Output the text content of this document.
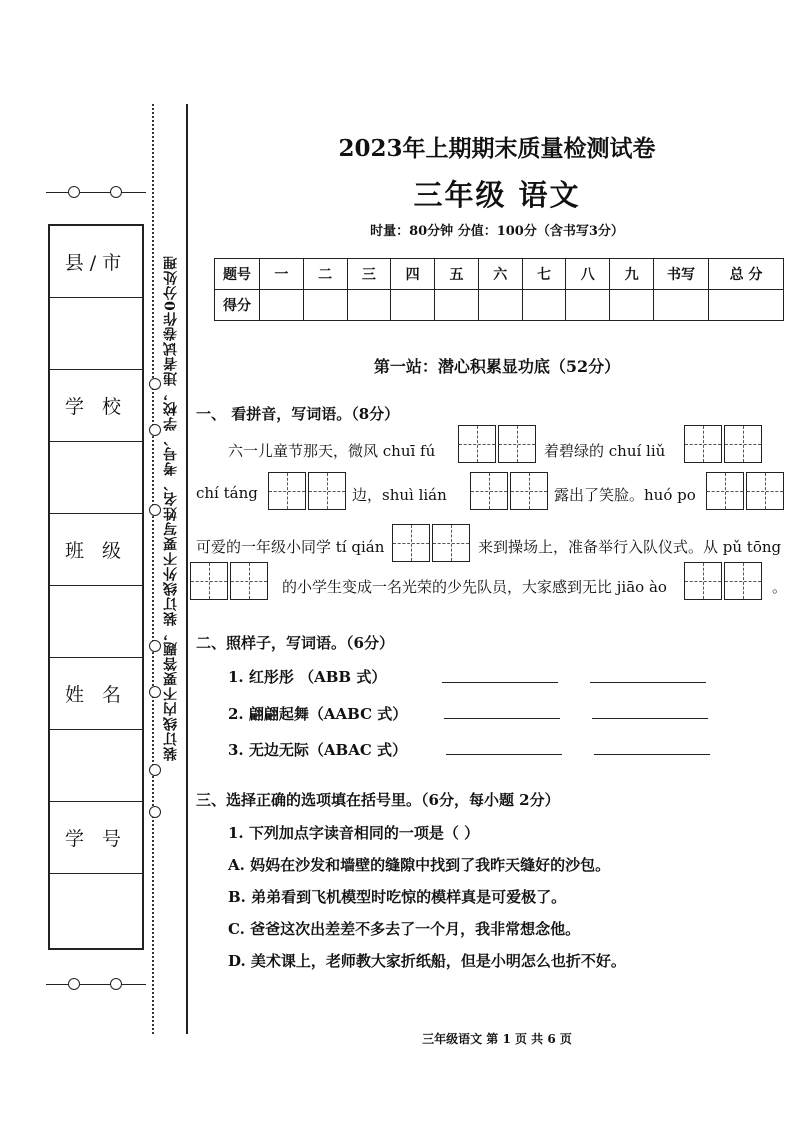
县/市
学 校
班 级
姓 名
学 号
装订线内不要答题，装订线外不要写姓名、考号、学校，违者试卷作0分处理
2023年上期期末质量检测试卷
三年级 语文
时量：80分钟 分值：100分（含书写3分）
题号	一	二	三	四	五	六	七	八	九	书写	总 分
得分											
第一站：潜心积累显功底（52分）
一、 看拼音，写词语。（8分）
六一儿童节那天，微风 chuī fú	着碧绿的 chuí liǔ
chí táng	边，shuì lián	露出了笑脸。huó po
可爱的一年级小同学 tí qián	来到操场上，准备举行入队仪式。从 pǔ tōng
的小学生变成一名光荣的少先队员，大家感到无比 jiāo ào	。
二、照样子，写词语。（6分）
1. 红彤彤 （ABB 式）
2. 翩翩起舞（AABC 式）
3. 无边无际（ABAC 式）
三、选择正确的选项填在括号里。（6分，每小题 2分）
1. 下列加点字读音相同的一项是（ ）
A. 妈妈在沙发和墙壁的缝隙中找到了我昨天缝好的沙包。
B. 弟弟看到飞机模型时吃惊的模样真是可爱极了。
C. 爸爸这次出差差不多去了一个月，我非常想念他。
D. 美术课上，老师教大家折纸船，但是小明怎么也折不好。
三年级语文 第 1 页 共 6 页
